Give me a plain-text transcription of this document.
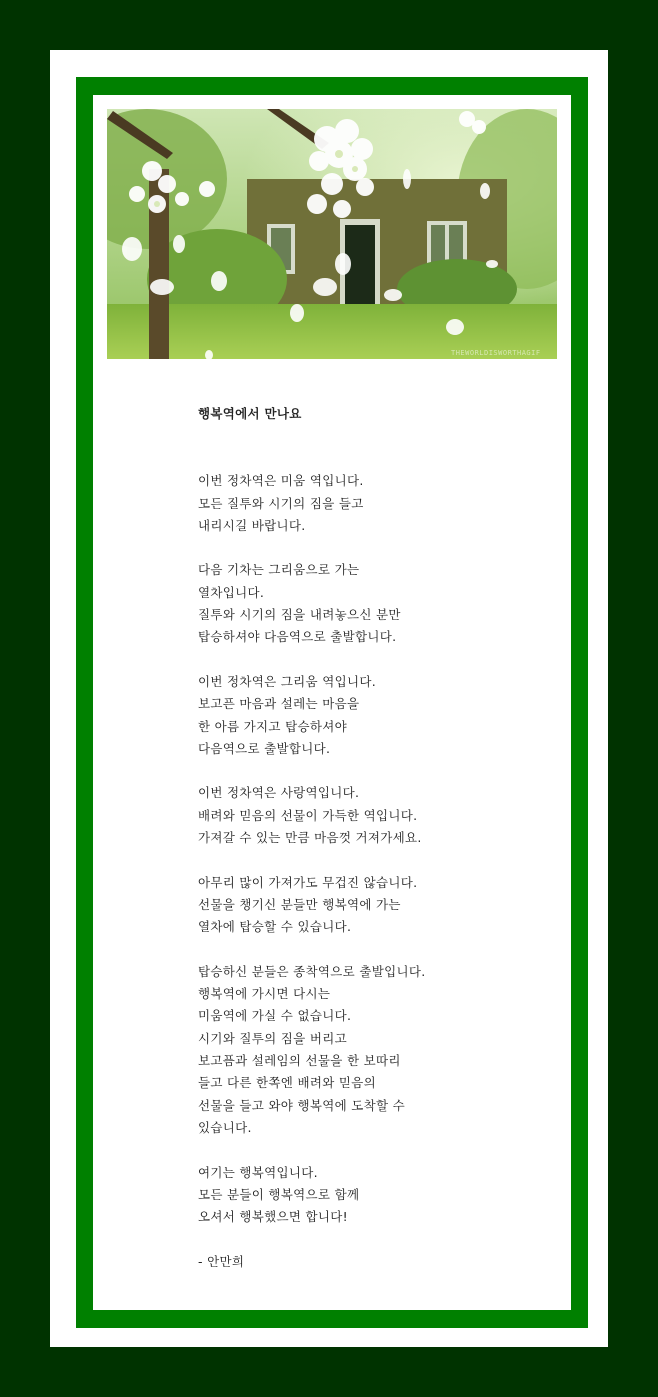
THEWORLDISWORTHAGIF
행복역에서 만나요
이번 정차역은 미움 역입니다.
모든 질투와 시기의 짐을 들고
내리시길 바랍니다.
다음 기차는 그리움으로 가는
열차입니다.
질투와 시기의 짐을 내려놓으신 분만
탑승하셔야 다음역으로 출발합니다.
이번 정차역은 그리움 역입니다.
보고픈 마음과 설레는 마음을
한 아름 가지고 탑승하셔야
다음역으로 출발합니다.
이번 정차역은 사랑역입니다.
배려와 믿음의 선물이 가득한 역입니다.
가져갈 수 있는 만큼 마음껏 거져가세요.
아무리 많이 가져가도 무겁진 않습니다.
선물을 챙기신 분들만 행복역에 가는
열차에 탑승할 수 있습니다.
탑승하신 분들은 종착역으로 출발입니다.
행복역에 가시면 다시는
미움역에 가실 수 없습니다.
시기와 질투의 짐을 버리고
보고픔과 설레임의 선물을 한 보따리
들고 다른 한쪽엔 배려와 믿음의
선물을 들고 와야 행복역에 도착할 수
있습니다.
여기는 행복역입니다.
모든 분들이 행복역으로 함께
오셔서 행복했으면 합니다!
- 안만희
